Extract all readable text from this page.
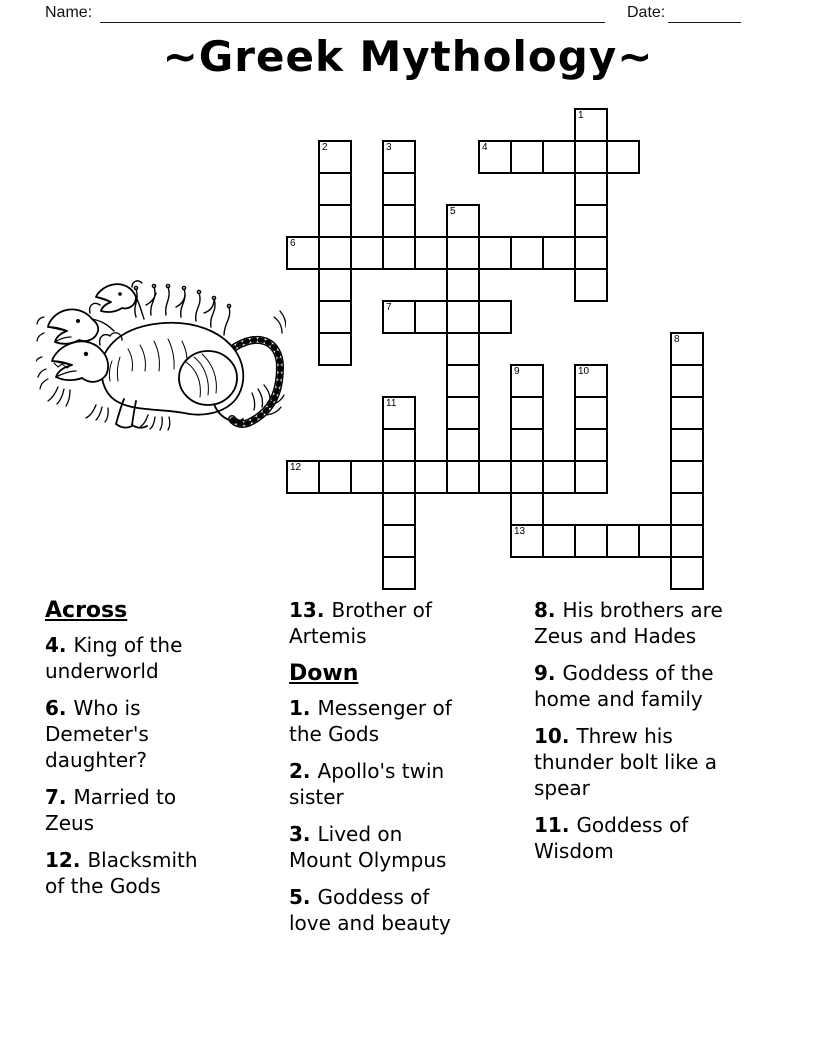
Name:	Date:
~Greek Mythology~
1
2	3	4
5
6
7
8
9	10
11
12
13

Across

4. King of the underworld

6. Who is Demeter's daughter?

7. Married to Zeus

12. Blacksmith of the Gods

13. Brother of Artemis

Down

1. Messenger of the Gods

2. Apollo's twin sister

3. Lived on Mount Olympus

5. Goddess of love and beauty

8. His brothers are Zeus and Hades

9. Goddess of the home and family

10. Threw his thunder bolt like a spear

11. Goddess of Wisdom
